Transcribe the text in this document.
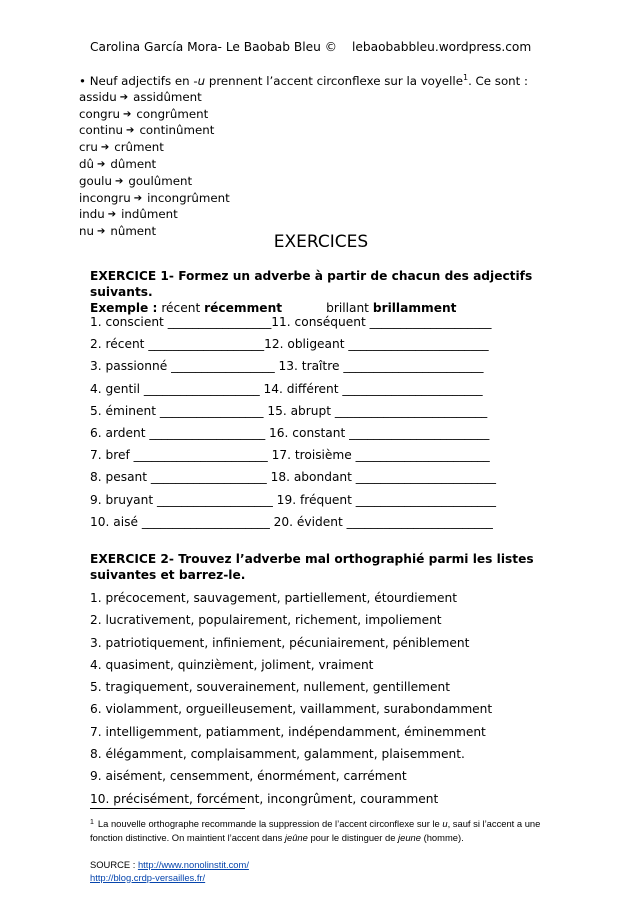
Carolina García Mora- Le Baobab Bleu © lebaobabbleu.wordpress.com
• Neuf adjectifs en -u prennent l’accent circonflexe sur la voyelle$^1$. Ce sont :
assidu ➔ assidûment
congru ➔ congrûment
continu ➔ continûment
cru ➔ crûment
dû ➔ dûment
goulu ➔ goulûment
incongru ➔ incongrûment
indu ➔ indûment
nu ➔ nûment
EXERCICES
EXERCICE 1- Formez un adverbe à partir de chacun des adjectifs suivants.
Exemple : récent récemment	brillant brillamment
1. conscient _________________11. conséquent ____________________
2. récent ___________________12. obligeant _______________________
3. passionné _________________ 13. traître _______________________
4. gentil ___________________ 14. différent _______________________
5. éminent _________________ 15. abrupt _________________________
6. ardent ___________________ 16. constant _______________________
7. bref ______________________ 17. troisième ______________________
8. pesant ___________________ 18. abondant _______________________
9. bruyant ___________________ 19. fréquent _______________________
10. aisé _____________________ 20. évident ________________________
EXERCICE 2- Trouvez l’adverbe mal orthographié parmi les listes suivantes et barrez-le.
1. précocement, sauvagement, partiellement, étourdiement
2. lucrativement, populairement, richement, impoliement
3. patriotiquement, infiniement, pécuniairement, péniblement
4. quasiment, quinzièment, joliment, vraiment
5. tragiquement, souverainement, nullement, gentillement
6. violamment, orgueilleusement, vaillamment, surabondamment
7. intelligemment, patiamment, indépendamment, éminemment
8. élégamment, complaisamment, galamment, plaisemment.
9. aisément, censemment, énormément, carrément
10. précisément, forcément, incongrûment, couramment
$^1$ La nouvelle orthographe recommande la suppression de l’accent circonflexe sur le u, sauf si l’accent a une fonction distinctive. On maintient l’accent dans jeûne pour le distinguer de jeune (homme).
SOURCE : http://www.nonolinstit.com/
http://blog.crdp-versailles.fr/
